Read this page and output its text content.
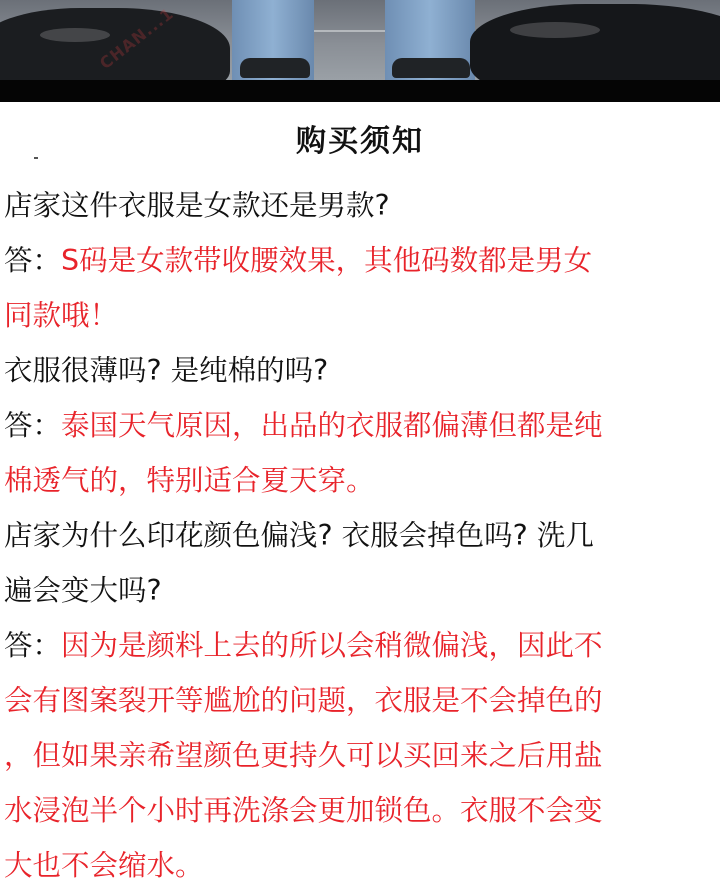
CHAN...1
购买须知
店家这件衣服是女款还是男款?
答：S码是女款带收腰效果，其他码数都是男女
同款哦！
衣服很薄吗? 是纯棉的吗?
答：泰国天气原因，出品的衣服都偏薄但都是纯
棉透气的，特别适合夏天穿。
店家为什么印花颜色偏浅? 衣服会掉色吗? 洗几
遍会变大吗?
答：因为是颜料上去的所以会稍微偏浅，因此不
会有图案裂开等尴尬的问题，衣服是不会掉色的
，但如果亲希望颜色更持久可以买回来之后用盐
水浸泡半个小时再洗涤会更加锁色。衣服不会变
大也不会缩水。
